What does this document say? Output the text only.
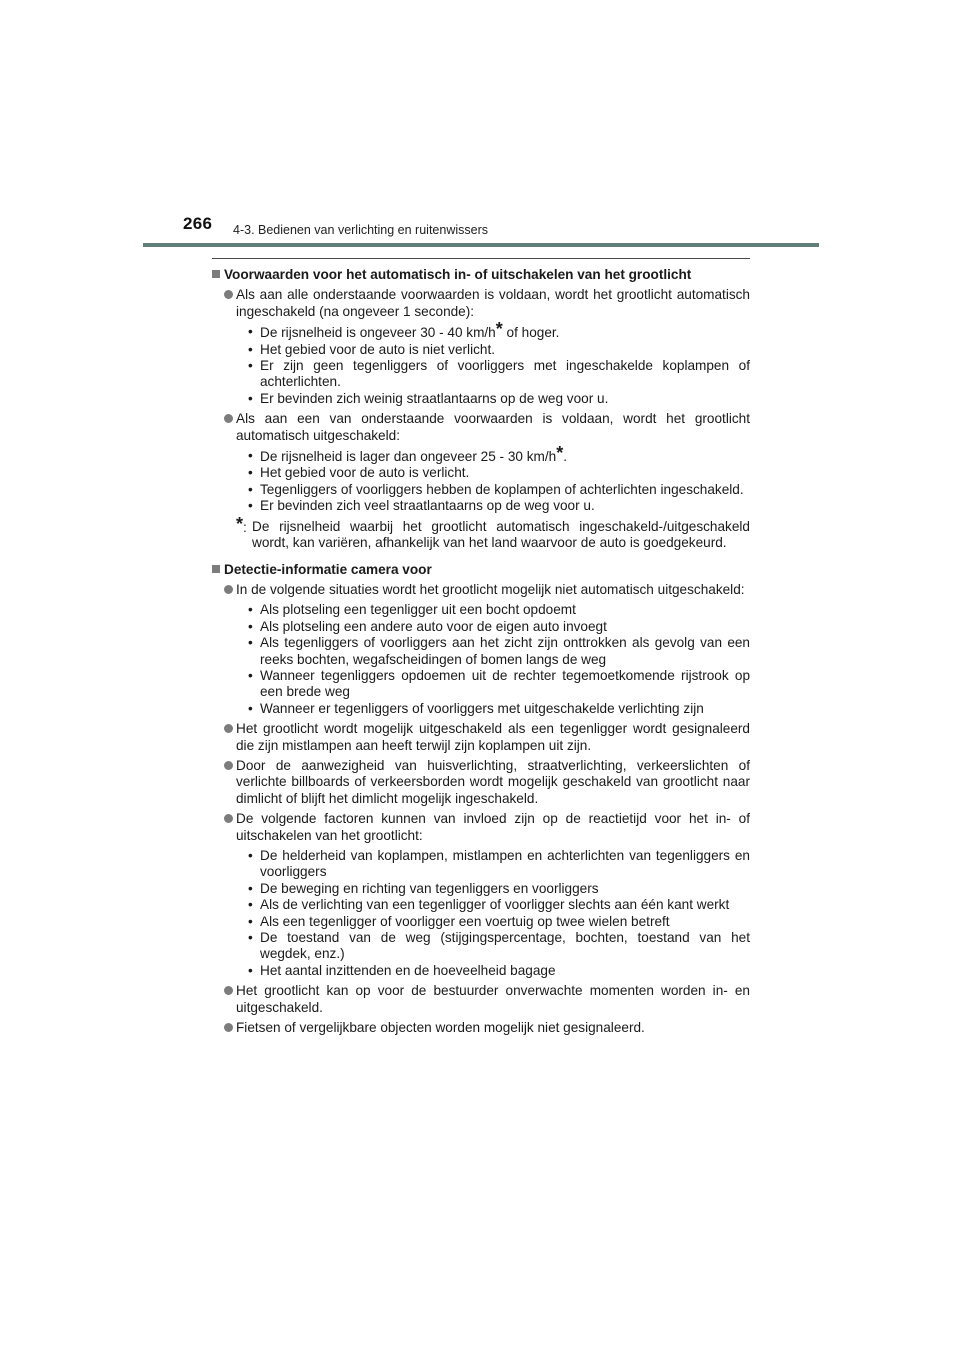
266 4-3. Bedienen van verlichting en ruitenwissers
Voorwaarden voor het automatisch in- of uitschakelen van het grootlicht
Als aan alle onderstaande voorwaarden is voldaan, wordt het grootlicht automatisch ingeschakeld (na ongeveer 1 seconde):
• De rijsnelheid is ongeveer 30 - 40 km/h* of hoger.
• Het gebied voor de auto is niet verlicht.
• Er zijn geen tegenliggers of voorliggers met ingeschakelde koplampen of achterlichten.
• Er bevinden zich weinig straatlantaarns op de weg voor u.
Als aan een van onderstaande voorwaarden is voldaan, wordt het grootlicht automatisch uitgeschakeld:
• De rijsnelheid is lager dan ongeveer 25 - 30 km/h*.
• Het gebied voor de auto is verlicht.
• Tegenliggers of voorliggers hebben de koplampen of achterlichten ingeschakeld.
• Er bevinden zich veel straatlantaarns op de weg voor u.
*: De rijsnelheid waarbij het grootlicht automatisch ingeschakeld-/uitgeschakeld wordt, kan variëren, afhankelijk van het land waarvoor de auto is goedgekeurd.
Detectie-informatie camera voor
In de volgende situaties wordt het grootlicht mogelijk niet automatisch uitgeschakeld:
• Als plotseling een tegenligger uit een bocht opdoemt
• Als plotseling een andere auto voor de eigen auto invoegt
• Als tegenliggers of voorliggers aan het zicht zijn onttrokken als gevolg van een reeks bochten, wegafscheidingen of bomen langs de weg
• Wanneer tegenliggers opdoemen uit de rechter tegemoetkomende rijstrook op een brede weg
• Wanneer er tegenliggers of voorliggers met uitgeschakelde verlichting zijn
Het grootlicht wordt mogelijk uitgeschakeld als een tegenligger wordt gesignaleerd die zijn mistlampen aan heeft terwijl zijn koplampen uit zijn.
Door de aanwezigheid van huisverlichting, straatverlichting, verkeerslichten of verlichte billboards of verkeersborden wordt mogelijk geschakeld van grootlicht naar dimlicht of blijft het dimlicht mogelijk ingeschakeld.
De volgende factoren kunnen van invloed zijn op de reactietijd voor het in- of uitschakelen van het grootlicht:
• De helderheid van koplampen, mistlampen en achterlichten van tegenliggers en voorliggers
• De beweging en richting van tegenliggers en voorliggers
• Als de verlichting van een tegenligger of voorligger slechts aan één kant werkt
• Als een tegenligger of voorligger een voertuig op twee wielen betreft
• De toestand van de weg (stijgingspercentage, bochten, toestand van het wegdek, enz.)
• Het aantal inzittenden en de hoeveelheid bagage
Het grootlicht kan op voor de bestuurder onverwachte momenten worden in- en uitgeschakeld.
Fietsen of vergelijkbare objecten worden mogelijk niet gesignaleerd.
